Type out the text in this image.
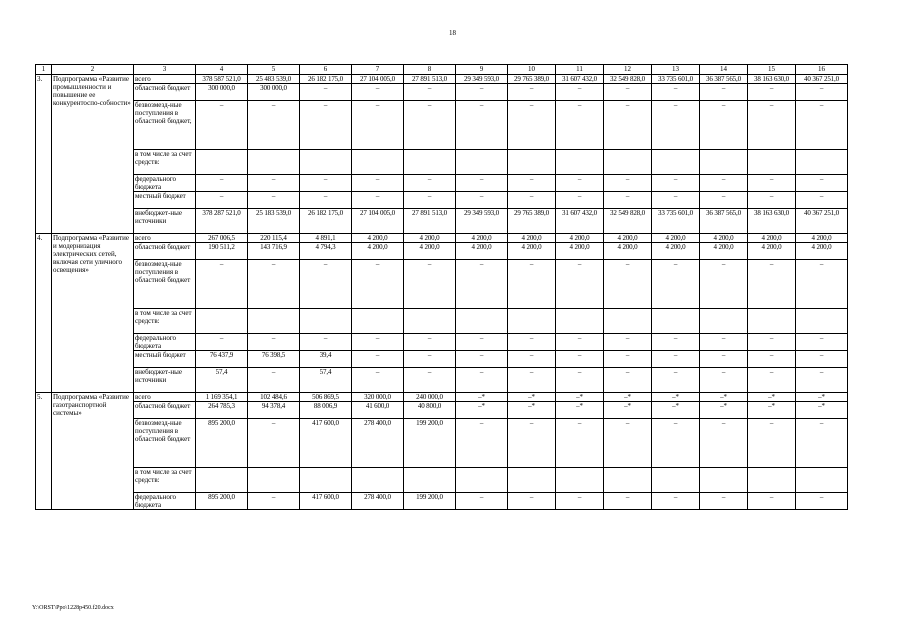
18
1	2	3	4	5	6	7	8	9	10	11	12	13	14	15	16
3.	Подпрограмма «Развитие промышленности и повышение ее конкурентоспо-собности»	всего	378 587 521,0	25 483 539,0	26 182 175,0	27 104 005,0	27 891 513,0	29 349 593,0	29 765 389,0	31 607 432,0	32 549 828,0	33 735 601,0	36 387 565,0	38 163 630,0	40 367 251,0
		областной бюджет	300 000,0	300 000,0	–	–	–	–	–	–	–	–	–	–	–
		безвозмезд-ные поступления в областной бюджет,	–	–	–	–	–	–	–	–	–	–	–	–	–
		в том числе за счет средств:													
		федерального бюджета	–	–	–	–	–	–	–	–	–	–	–	–	–
		местный бюджет	–	–	–	–	–	–	–	–	–	–	–	–	–
		внебюджет-ные источники	378 287 521,0	25 183 539,0	26 182 175,0	27 104 005,0	27 891 513,0	29 349 593,0	29 765 389,0	31 607 432,0	32 549 828,0	33 735 601,0	36 387 565,0	38 163 630,0	40 367 251,0
4.	Подпрограмма «Развитие и модернизация электрических сетей, включая сети уличного освещения»	всего	267 006,5	220 115,4	4 891,1	4 200,0	4 200,0	4 200,0	4 200,0	4 200,0	4 200,0	4 200,0	4 200,0	4 200,0	4 200,0
		областной бюджет	190 511,2	143 716,9	4 794,3	4 200,0	4 200,0	4 200,0	4 200,0	4 200,0	4 200,0	4 200,0	4 200,0	4 200,0	4 200,0
		безвозмезд-ные поступления в областной бюджет	–	–	–	–	–	–	–	–	–	–	–	–	–
		в том числе за счет средств:													
		федерального бюджета	–	–	–	–	–	–	–	–	–	–	–	–	–
		местный бюджет	76 437,9	76 398,5	39,4	–	–	–	–	–	–	–	–	–	–
		внебюджет-ные источники	57,4	–	57,4	–	–	–	–	–	–	–	–	–	–
5.	Подпрограмма «Развитие газотранспортной системы»	всего	1 169 354,1	102 484,6	506 869,5	320 000,0	240 000,0	–*	–*	–*	–*	–*	–*	–*	–*
		областной бюджет	264 785,3	94 378,4	88 006,9	41 600,0	40 800,0	–*	–*	–*	–*	–*	–*	–*	–*
		безвозмезд-ные поступления в областной бюджет	895 200,0	–	417 600,0	278 400,0	199 200,0	–	–	–	–	–	–	–	–
		в том числе за счет средств:													
		федерального бюджета	895 200,0	–	417 600,0	278 400,0	199 200,0	–	–	–	–	–	–	–	–
Y:\ORST\Ppo\1228p450.f20.docx
